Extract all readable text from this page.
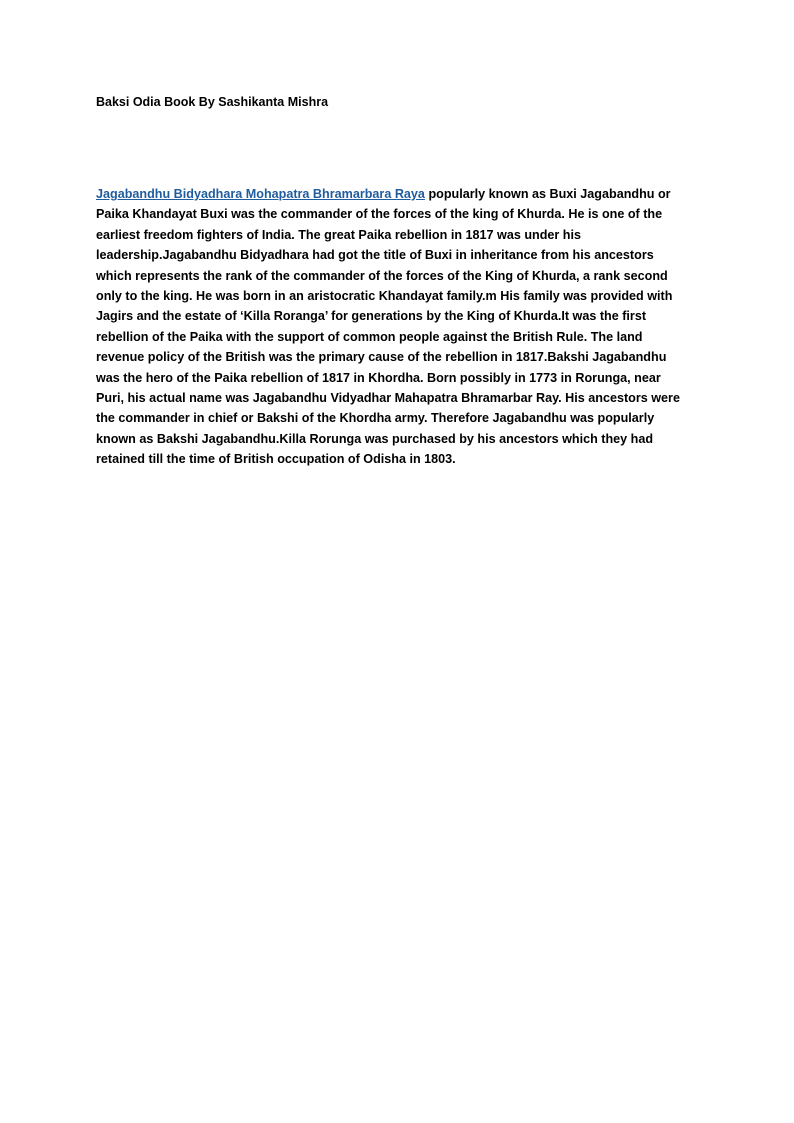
Baksi Odia Book By Sashikanta Mishra
Jagabandhu Bidyadhara Mohapatra Bhramarbara Raya popularly known as Buxi Jagabandhu or Paika Khandayat Buxi was the commander of the forces of the king of Khurda. He is one of the earliest freedom fighters of India. The great Paika rebellion in 1817 was under his leadership.Jagabandhu Bidyadhara had got the title of Buxi in inheritance from his ancestors which represents the rank of the commander of the forces of the King of Khurda, a rank second only to the king. He was born in an aristocratic Khandayat family.m His family was provided with Jagirs and the estate of ‘Killa Roranga’ for generations by the King of Khurda.It was the first rebellion of the Paika with the support of common people against the British Rule. The land revenue policy of the British was the primary cause of the rebellion in 1817.Bakshi Jagabandhu was the hero of the Paika rebellion of 1817 in Khordha. Born possibly in 1773 in Rorunga, near Puri, his actual name was Jagabandhu Vidyadhar Mahapatra Bhramarbar Ray. His ancestors were the commander in chief or Bakshi of the Khordha army. Therefore Jagabandhu was popularly known as Bakshi Jagabandhu.Killa Rorunga was purchased by his ancestors which they had retained till the time of British occupation of Odisha in 1803.
